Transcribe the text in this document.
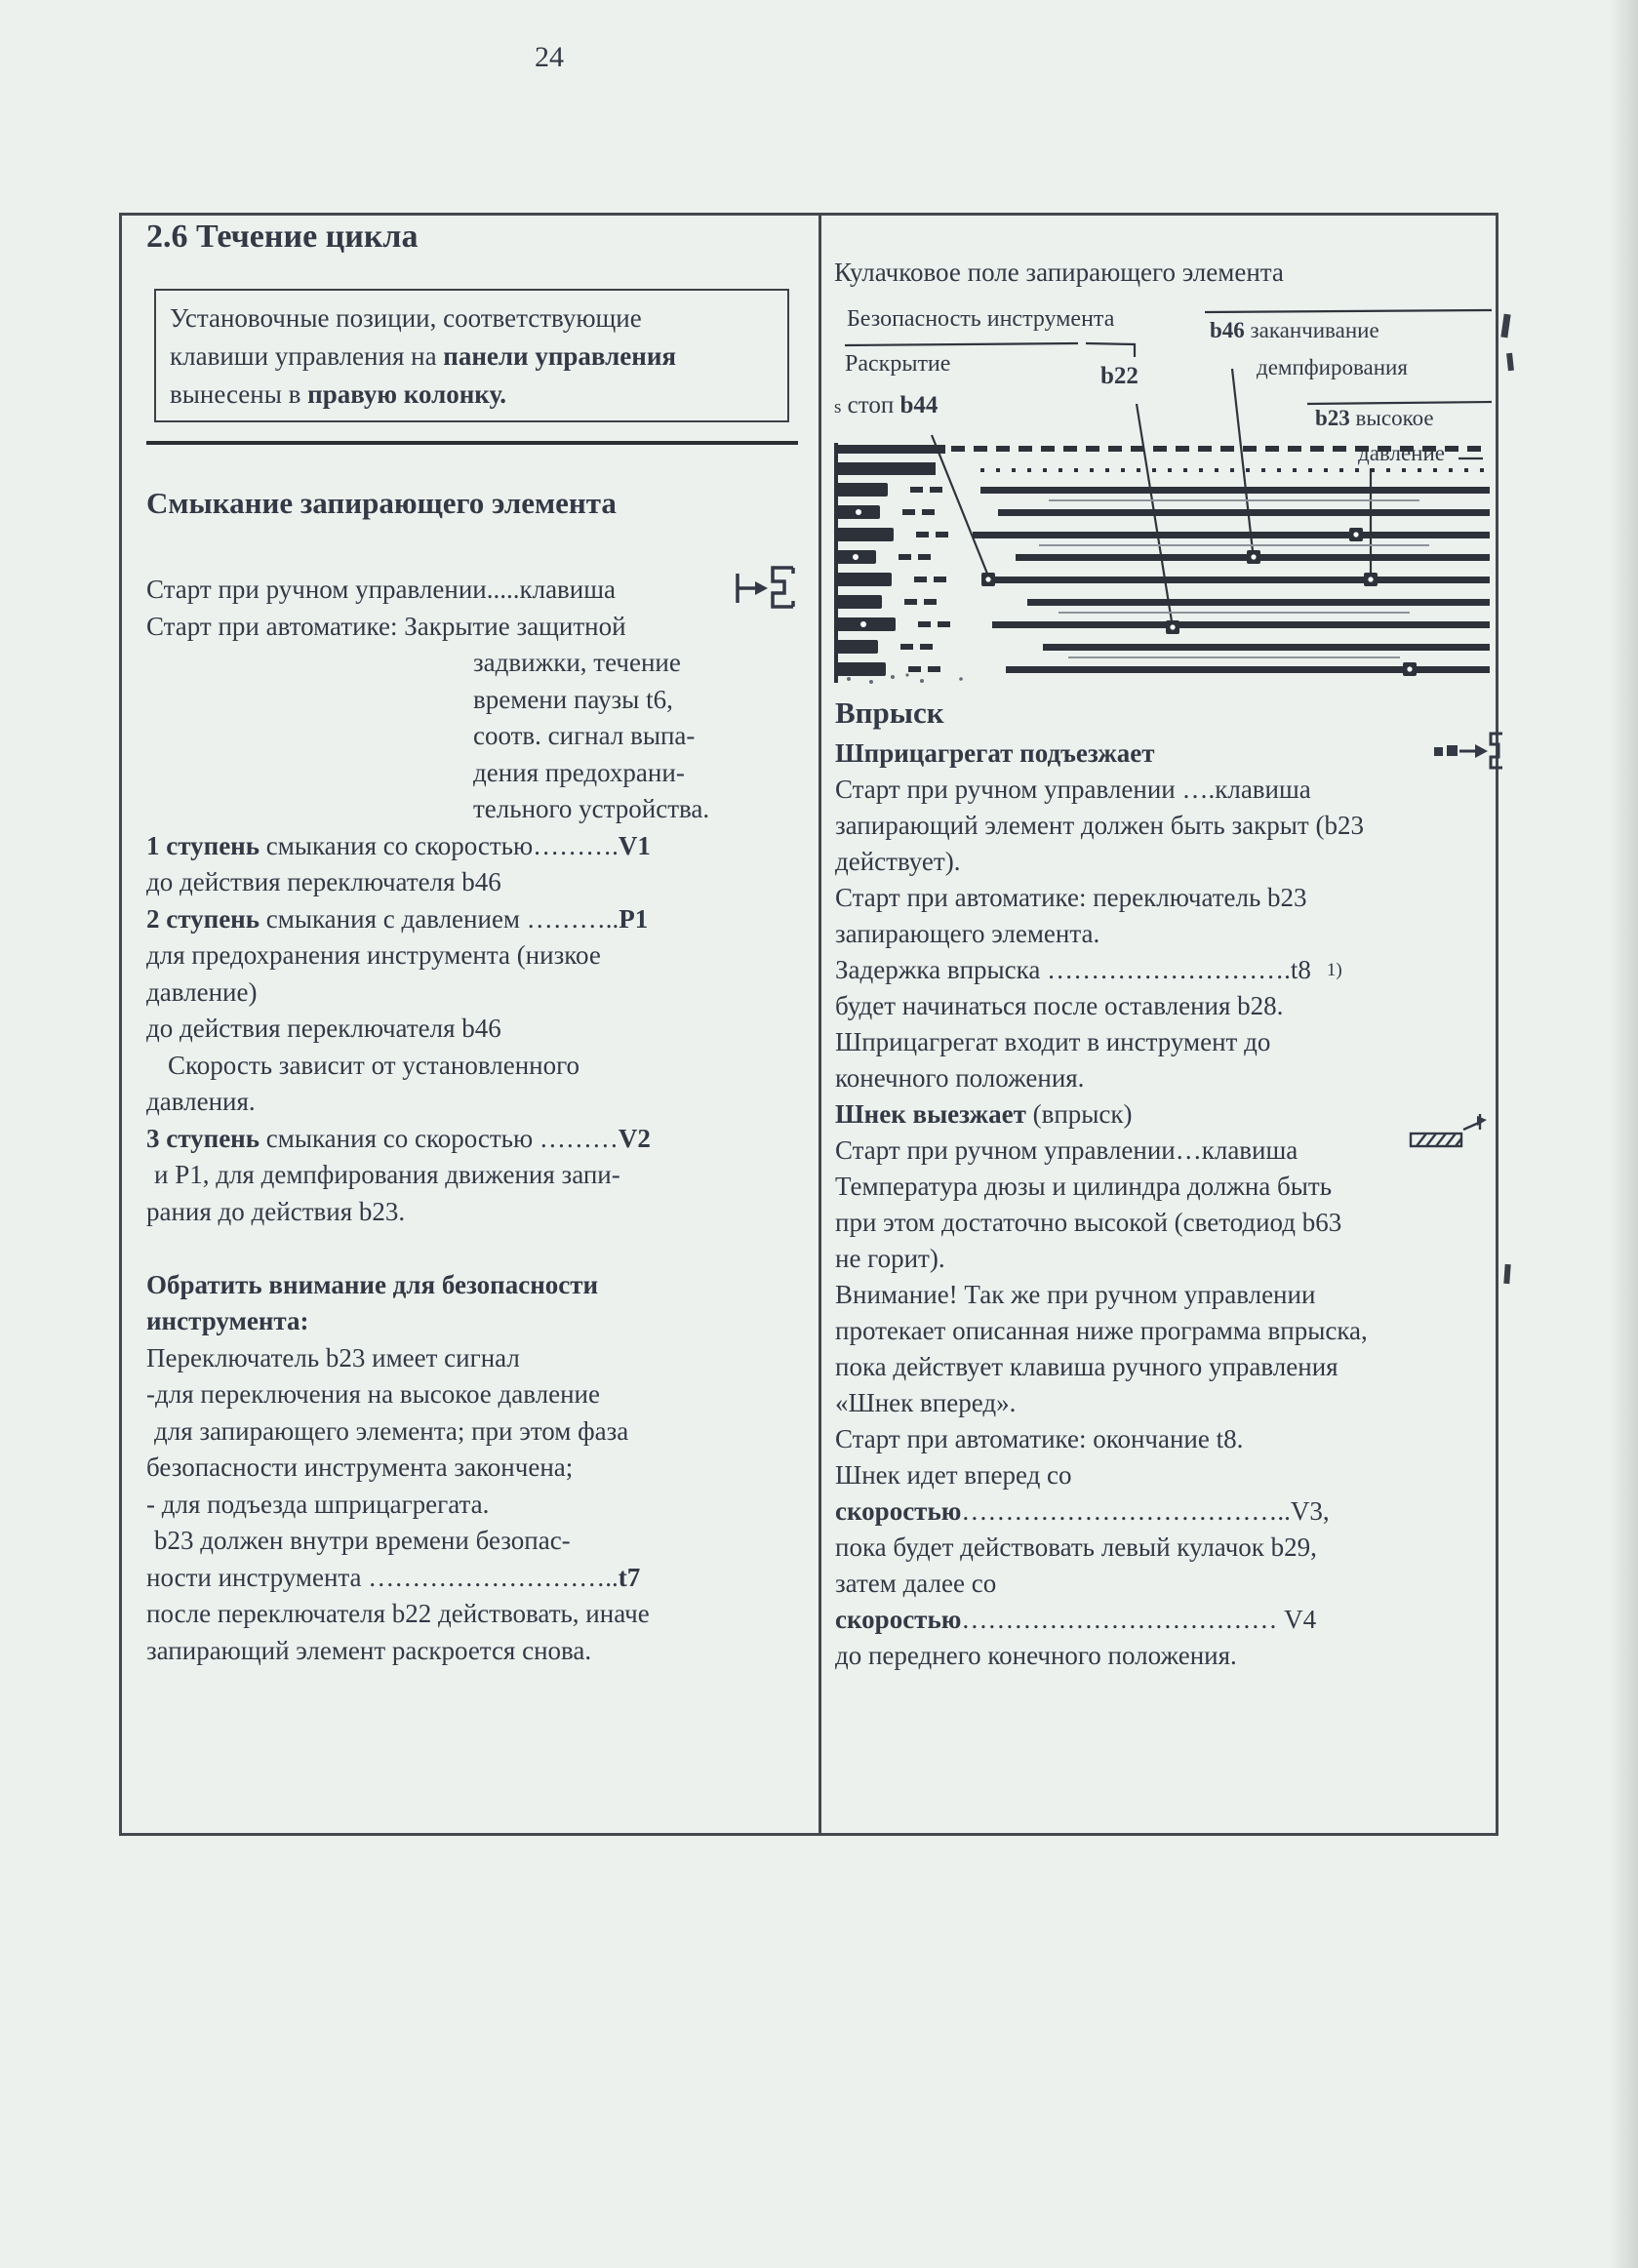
24
2.6 Течение цикла
Установочные позиции, соответствующие
клавиши управления на панели управления
вынесены в правую колонку.
Смыкание запирающего элемента
Старт при ручном управлении.....клавиша
Старт при автоматике: Закрытие защитной
задвижки, течение
времени паузы t6,
соотв. сигнал выпа-
дения предохрани-
тельного устройства.
1 ступень смыкания со скоростью……….V1
до действия переключателя b46
2 ступень смыкания с давлением ………..P1
для предохранения инструмента (низкое
давление)
до действия переключателя b46
Скорость зависит от установленного
давления.
3 ступень смыкания со скоростью ………V2
и P1, для демпфирования движения запи-
рания до действия b23.

Обратить внимание для безопасности
инструмента:
Переключатель b23 имеет сигнал
-для переключения на высокое давление
для запирающего элемента; при этом фаза
безопасности инструмента закончена;
- для подъезда шприцагрегата.
b23 должен внутри времени безопас-
ности инструмента ………………………..t7
после переключателя b22 действовать, иначе
запирающий элемент раскроется снова.
Кулачковое поле запирающего элемента
Безопасность инструмента
Раскрытие
s стоп b44
b22
b46 заканчивание
демпфирования
b23 высокое
давление
Впрыск
Шприцагрегат подъезжает
Старт при ручном управлении ….клавиша
запирающий элемент должен быть закрыт (b23
действует).
Старт при автоматике: переключатель b23
запирающего элемента.
Задержка впрыска ……………………….t8 1)
будет начинаться после оставления b28.
Шприцагрегат входит в инструмент до
конечного положения.
Шнек выезжает (впрыск)
Старт при ручном управлении…клавиша
Температура дюзы и цилиндра должна быть
при этом достаточно высокой (светодиод b63
не горит).
Внимание! Так же при ручном управлении
протекает описанная ниже программа впрыска,
пока действует клавиша ручного управления
«Шнек вперед».
Старт при автоматике: окончание t8.
Шнек идет вперед со
скоростью………………………………..V3,
пока будет действовать левый кулачок b29,
затем далее со
скоростью……………………………… V4
до переднего конечного положения.
